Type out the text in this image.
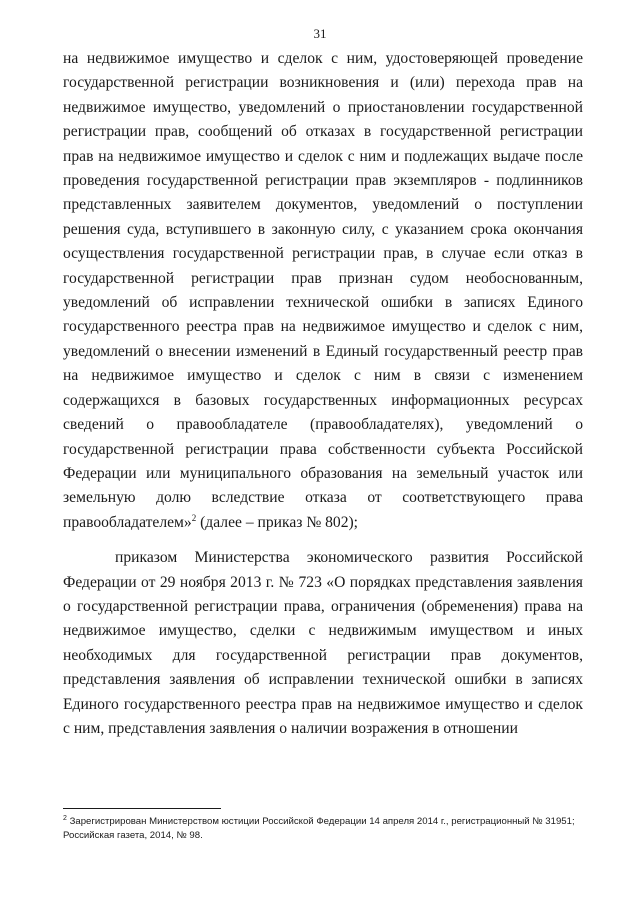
31

на недвижимое имущество и сделок с ним, удостоверяющей проведение государственной регистрации возникновения и (или) перехода прав на недвижимое имущество, уведомлений о приостановлении государственной регистрации прав, сообщений об отказах в государственной регистрации прав на недвижимое имущество и сделок с ним и подлежащих выдаче после проведения государственной регистрации прав экземпляров - подлинников представленных заявителем документов, уведомлений о поступлении решения суда, вступившего в законную силу, с указанием срока окончания осуществления государственной регистрации прав, в случае если отказ в государственной регистрации прав признан судом необоснованным, уведомлений об исправлении технической ошибки в записях Единого государственного реестра прав на недвижимое имущество и сделок с ним, уведомлений о внесении изменений в Единый государственный реестр прав на недвижимое имущество и сделок с ним в связи с изменением содержащихся в базовых государственных информационных ресурсах сведений о правообладателе (правообладателях), уведомлений о государственной регистрации права собственности субъекта Российской Федерации или муниципального образования на земельный участок или земельную долю вследствие отказа от соответствующего права правообладателем»$^2$ (далее – приказ № 802);

приказом Министерства экономического развития Российской Федерации от 29 ноября 2013 г. № 723 «О порядках представления заявления о государственной регистрации права, ограничения (обременения) права на недвижимое имущество, сделки с недвижимым имуществом и иных необходимых для государственной регистрации прав документов, представления заявления об исправлении технической ошибки в записях Единого государственного реестра прав на недвижимое имущество и сделок с ним, представления заявления о наличии возражения в отношении

$^2$ Зарегистрирован Министерством юстиции Российской Федерации 14 апреля 2014 г., регистрационный № 31951; Российская газета, 2014, № 98.
